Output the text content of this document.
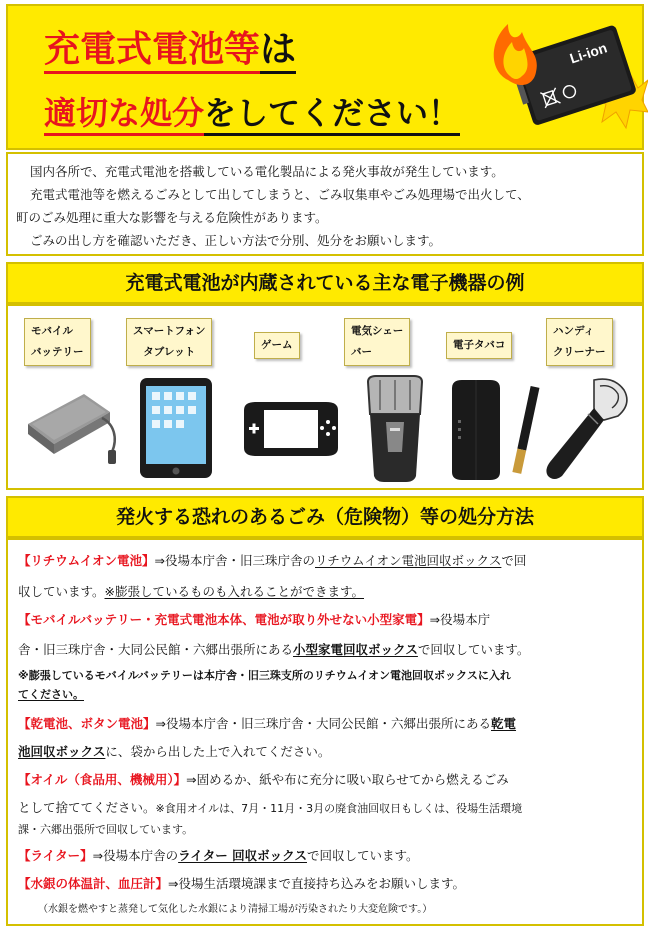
充電式電池等は
適切な処分をしてください！
Li-ion

国内各所で、充電式電池を搭載している電化製品による発火事故が発生しています。

充電式電池等を燃えるごみとして出してしまうと、ごみ収集車やごみ処理場で出火して、

町のごみ処理に重大な影響を与える危険性があります。

ごみの出し方を確認いただき、正しい方法で分別、処分をお願いします。

充電式電池が内蔵されている主な電子機器の例
モバイル
バッテリー
スマートフォン
タブレット
ゲーム
電気シェー
バー
電子タバコ
ハンディ
クリーナー
発火する恐れのあるごみ（危険物）等の処分方法
【リチウムイオン電池】⇒役場本庁舎・旧三珠庁舎のリチウムイオン電池回収ボックスで回
収しています。※膨張しているものも入れることができます。
【モバイルバッテリー・充電式電池本体、電池が取り外せない小型家電】⇒役場本庁
舎・旧三珠庁舎・大同公民館・六郷出張所にある小型家電回収ボックスで回収しています。
※膨張しているモバイルバッテリーは本庁舎・旧三珠支所のリチウムイオン電池回収ボックスに入れ
てください。
【乾電池、ボタン電池】⇒役場本庁舎・旧三珠庁舎・大同公民館・六郷出張所にある乾電
池回収ボックスに、袋から出した上で入れてください。
【オイル（食品用、機械用）】⇒固めるか、紙や布に充分に吸い取らせてから燃えるごみ
として捨ててください。※食用オイルは、7月・11月・3月の廃食油回収日もしくは、役場生活環境
課・六郷出張所で回収しています。
【ライター】⇒役場本庁舎のライター 回収ボックスで回収しています。
【水銀の体温計、血圧計】⇒役場生活環境課まで直接持ち込みをお願いします。
（水銀を燃やすと蒸発して気化した水銀により清掃工場が汚染されたり大変危険です。）
